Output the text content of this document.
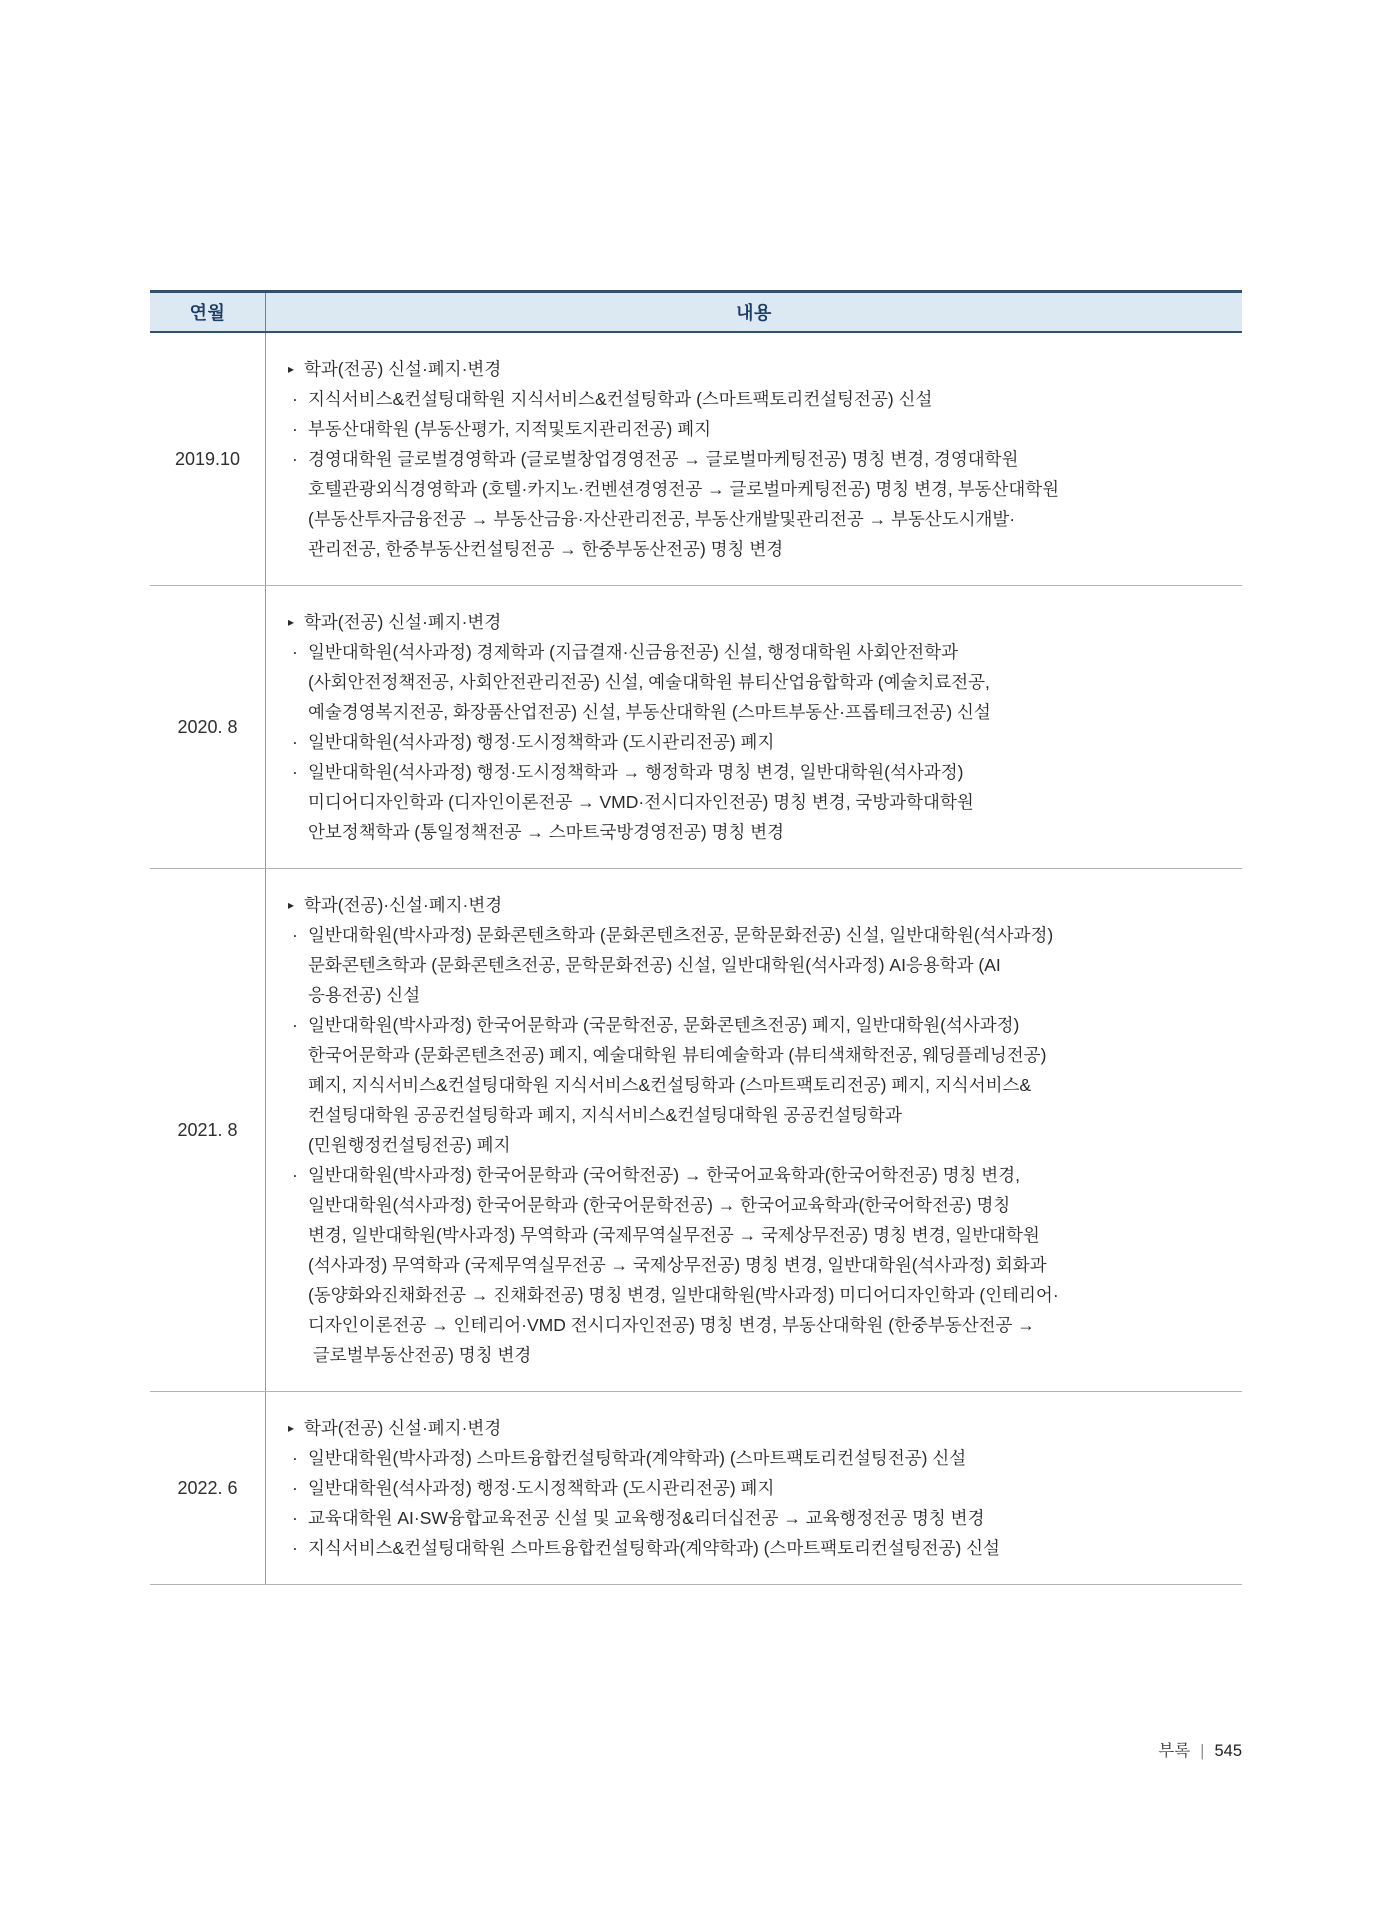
연월	내용
2019.10
▸ 학과(전공) 신설·폐지·변경
· 지식서비스&컨설팅대학원 지식서비스&컨설팅학과 (스마트팩토리컨설팅전공) 신설
· 부동산대학원 (부동산평가, 지적및토지관리전공) 폐지
· 경영대학원 글로벌경영학과 (글로벌창업경영전공 → 글로벌마케팅전공) 명칭 변경, 경영대학원
호텔관광외식경영학과 (호텔·카지노·컨벤션경영전공 → 글로벌마케팅전공) 명칭 변경, 부동산대학원
(부동산투자금융전공 → 부동산금융·자산관리전공, 부동산개발및관리전공 → 부동산도시개발·
관리전공, 한중부동산컨설팅전공 → 한중부동산전공) 명칭 변경
2020. 8
▸ 학과(전공) 신설·폐지·변경
· 일반대학원(석사과정) 경제학과 (지급결재·신금융전공) 신설, 행정대학원 사회안전학과
(사회안전정책전공, 사회안전관리전공) 신설, 예술대학원 뷰티산업융합학과 (예술치료전공,
예술경영복지전공, 화장품산업전공) 신설, 부동산대학원 (스마트부동산·프롭테크전공) 신설
· 일반대학원(석사과정) 행정·도시정책학과 (도시관리전공) 폐지
· 일반대학원(석사과정) 행정·도시정책학과 → 행정학과 명칭 변경, 일반대학원(석사과정)
미디어디자인학과 (디자인이론전공 → VMD·전시디자인전공) 명칭 변경, 국방과학대학원
안보정책학과 (통일정책전공 → 스마트국방경영전공) 명칭 변경
2021. 8
▸ 학과(전공)·신설·폐지·변경
· 일반대학원(박사과정) 문화콘텐츠학과 (문화콘텐츠전공, 문학문화전공) 신설, 일반대학원(석사과정)
문화콘텐츠학과 (문화콘텐츠전공, 문학문화전공) 신설, 일반대학원(석사과정) AI응용학과 (AI
응용전공) 신설
· 일반대학원(박사과정) 한국어문학과 (국문학전공, 문화콘텐츠전공) 폐지, 일반대학원(석사과정)
한국어문학과 (문화콘텐츠전공) 폐지, 예술대학원 뷰티예술학과 (뷰티색채학전공, 웨딩플레닝전공)
폐지, 지식서비스&컨설팅대학원 지식서비스&컨설팅학과 (스마트팩토리전공) 폐지, 지식서비스&
컨설팅대학원 공공컨설팅학과 폐지, 지식서비스&컨설팅대학원 공공컨설팅학과
(민원행정컨설팅전공) 폐지
· 일반대학원(박사과정) 한국어문학과 (국어학전공) → 한국어교육학과(한국어학전공) 명칭 변경,
일반대학원(석사과정) 한국어문학과 (한국어문학전공) → 한국어교육학과(한국어학전공) 명칭
변경, 일반대학원(박사과정) 무역학과 (국제무역실무전공 → 국제상무전공) 명칭 변경, 일반대학원
(석사과정) 무역학과 (국제무역실무전공 → 국제상무전공) 명칭 변경, 일반대학원(석사과정) 회화과
(동양화와진채화전공 → 진채화전공) 명칭 변경, 일반대학원(박사과정) 미디어디자인학과 (인테리어·
디자인이론전공 → 인테리어·VMD 전시디자인전공) 명칭 변경, 부동산대학원 (한중부동산전공 →
글로벌부동산전공) 명칭 변경
2022. 6
▸ 학과(전공) 신설·폐지·변경
· 일반대학원(박사과정) 스마트융합컨설팅학과(계약학과) (스마트팩토리컨설팅전공) 신설
· 일반대학원(석사과정) 행정·도시정책학과 (도시관리전공) 폐지
· 교육대학원 AI·SW융합교육전공 신설 및 교육행정&리더십전공 → 교육행정전공 명칭 변경
· 지식서비스&컨설팅대학원 스마트융합컨설팅학과(계약학과) (스마트팩토리컨설팅전공) 신설
부록 | 545
